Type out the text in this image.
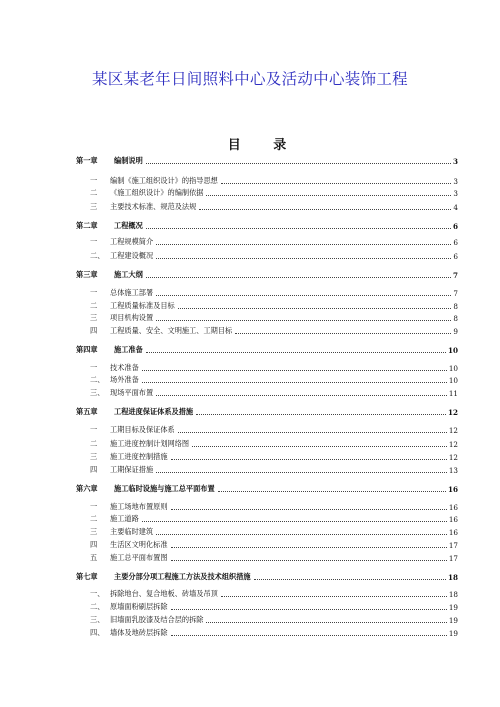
某区某老年日间照料中心及活动中心装饰工程
目 录
第一章	编制说明	3
一	编制《施工组织设计》的指导思想	3
二	《施工组织设计》的编制依据	3
三	主要技术标准、规范及法规	4
第二章	工程概况	6
一	工程规模简介	6
二、 工程建设概况	6
第三章	施工大纲	7
一	总体施工部署	7
二	工程质量标准及目标	8
三	项目机构设置	8
四	工程质量、安全、文明施工、工期目标	9
第四章	施工准备	10
一	技术准备	10
二、 场外准备	10
三、 现场平面布置	11
第五章	工程进度保证体系及措施	12
一	工期目标及保证体系	12
二	施工进度控制计划网络图	12
三	施工进度控制措施	12
四	工期保证措施	13
第六章	施工临时设施与施工总平面布置	16
一	施工场地布置原则	16
二	施工道路	16
三	主要临时建筑	16
四	生活区文明化标准	17
五	施工总平面布置图	17
第七章	主要分部分项工程施工方法及技术组织措施	18
一、 拆除地台、复合地板、砖墙及吊顶	18
二、 原墙面粉刷层拆除	19
三、 旧墙面乳胶漆及结合层的拆除	19
四、 墙体及地砖层拆除	19
